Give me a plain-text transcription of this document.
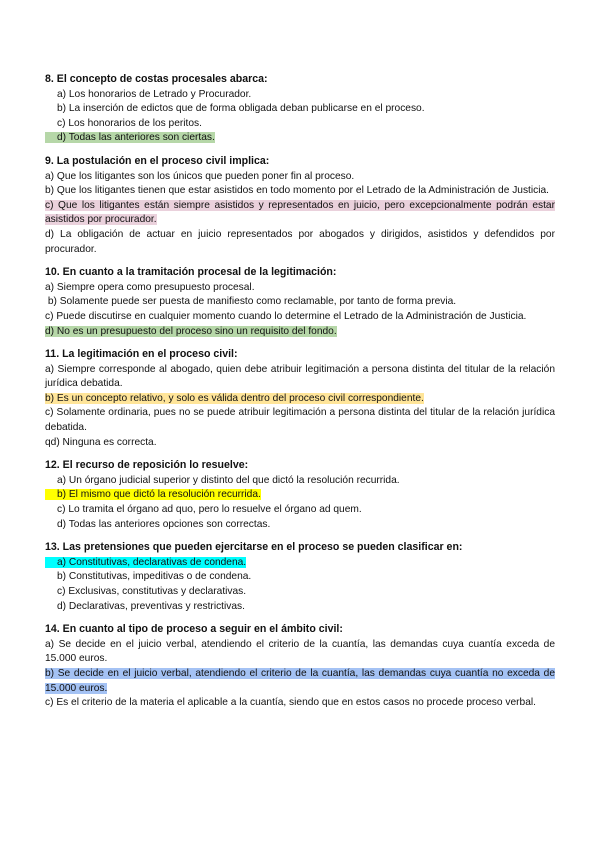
8. El concepto de costas procesales abarca:
a) Los honorarios de Letrado y Procurador.
b) La inserción de edictos que de forma obligada deban publicarse en el proceso.
c) Los honorarios de los peritos.
d) Todas las anteriores son ciertas.
9. La postulación en el proceso civil implica:
a) Que los litigantes son los únicos que pueden poner fin al proceso.
b) Que los litigantes tienen que estar asistidos en todo momento por el Letrado de la Administración de Justicia.
c) Que los litigantes están siempre asistidos y representados en juicio, pero excepcionalmente podrán estar asistidos por procurador.
d) La obligación de actuar en juicio representados por abogados y dirigidos, asistidos y defendidos por procurador.
10. En cuanto a la tramitación procesal de la legitimación:
a) Siempre opera como presupuesto procesal.
b) Solamente puede ser puesta de manifiesto como reclamable, por tanto de forma previa.
c) Puede discutirse en cualquier momento cuando lo determine el Letrado de la Administración de Justicia.
d) No es un presupuesto del proceso sino un requisito del fondo.
11. La legitimación en el proceso civil:
a) Siempre corresponde al abogado, quien debe atribuir legitimación a persona distinta del titular de la relación jurídica debatida.
b) Es un concepto relativo, y solo es válida dentro del proceso civil correspondiente.
c) Solamente ordinaria, pues no se puede atribuir legitimación a persona distinta del titular de la relación jurídica debatida.
qd) Ninguna es correcta.
12. El recurso de reposición lo resuelve:
a) Un órgano judicial superior y distinto del que dictó la resolución recurrida.
b) El mismo que dictó la resolución recurrida.
c) Lo tramita el órgano ad quo, pero lo resuelve el órgano ad quem.
d) Todas las anteriores opciones son correctas.
13. Las pretensiones que pueden ejercitarse en el proceso se pueden clasificar en:
a) Constitutivas, declarativas de condena.
b) Constitutivas, impeditivas o de condena.
c) Exclusivas, constitutivas y declarativas.
d) Declarativas, preventivas y restrictivas.
14. En cuanto al tipo de proceso a seguir en el ámbito civil:
a) Se decide en el juicio verbal, atendiendo el criterio de la cuantía, las demandas cuya cuantía exceda de 15.000 euros.
b) Se decide en el juicio verbal, atendiendo el criterio de la cuantía, las demandas cuya cuantía no exceda de 15.000 euros.
c) Es el criterio de la materia el aplicable a la cuantía, siendo que en estos casos no procede proceso verbal.
